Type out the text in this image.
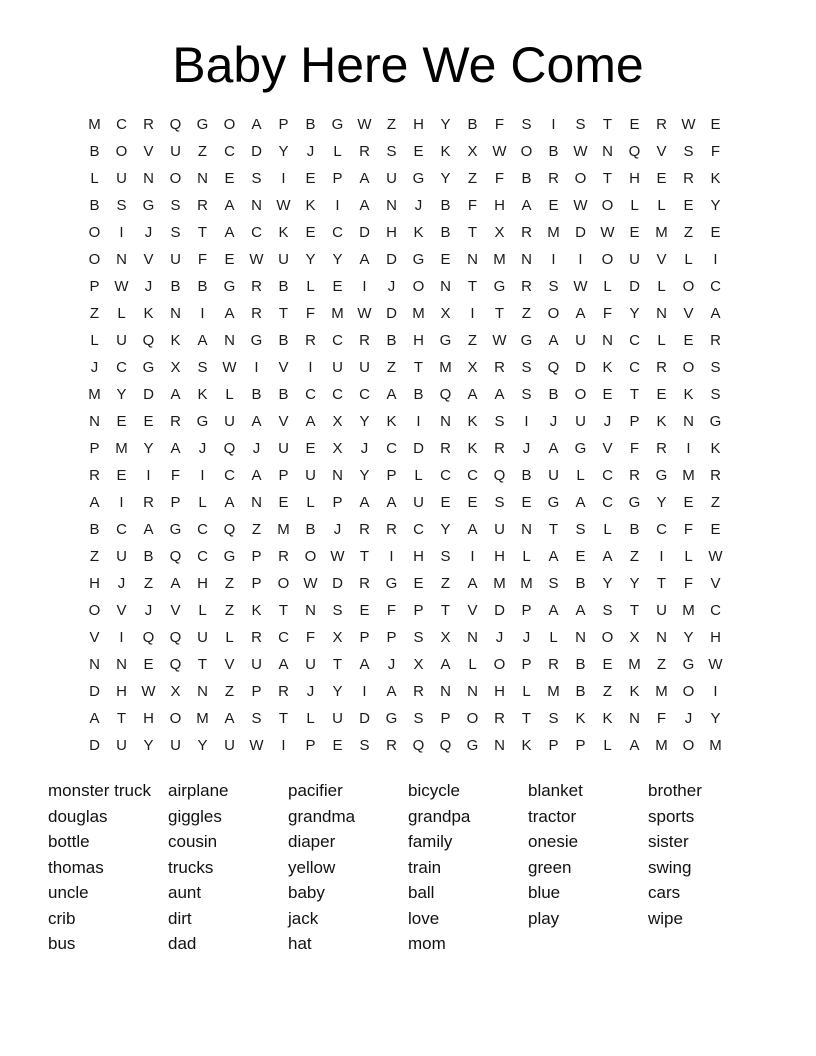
Baby Here We Come
M	C	R	Q	G	O	A	P	B	G W	Z	H	Y	B	F	S	I	S	T	E	R W E
B	O	V	U	Z	C	D	Y	J	L	R	S	E	K	X W O	B W N	Q	V	S	F
L	U	N	O	N	E	S	I	E	P	A	U	G	Y	Z	F	B	R	O	T	H	E	R	K
B	S	G	S	R	A	N W K	I	A	N	J	B	F	H	A	E W O	L	L	E	Y
O	I	J	S	T	A	C	K	E	C	D	H	K	B	T	X	R	M	D W E	M	Z	E
O	N	V	U	F	E W U	Y	Y	A	D	G	E	N	M	N	I	I	O	U	V	L	I
P W	J	B	B	G	R	B	L	E	I	J	O	N	T	G	R	S W	L	D	L	O	C
Z	L	K	N	I	A	R	T	F	M W D	M	X	I	T	Z	O	A	F	Y	N	V	A
L	U	Q	K	A	N	G	B	R	C	R	B	H	G	Z	W G	A	U	N	C	L	E	R
J	C	G	X	S W	I	V	I	U	U	Z	T	M	X	R	S	Q	D	K	C	R	O	S
M	Y	D	A	K	L	B	B	C	C	C	A	B	Q	A	A	S	B	O	E	T	E	K	S
N	E	E	R	G	U	A	V	A	X	Y	K	I	N	K	S	I	J	U	J	P	K	N	G
P	M	Y	A	J	Q	J	U	E	X	J	C	D	R	K	R	J	A	G	V	F	R	I	K
R	E	I	F	I	C	A	P	U	N	Y	P	L	C	C	Q	B	U	L	C	R	G M	R
A	I	R	P	L	A	N	E	L	P	A	A	U	E	E	S	E	G	A	C	G	Y	E	Z
B	C	A	G	C	Q	Z	M	B	J	R	R	C	Y	A	U	N	T	S	L	B	C	F	E
Z	U	B	Q	C	G	P	R	O W	T	I	H	S	I	H	L	A	E	A	Z	I	L	W
H	J	Z	A	H	Z	P	O W D	R	G	E	Z	A	M M	S	B	Y	Y	T	F	V
O	V	J	V	L	Z	K	T	N	S	E	F	P	T	V	D	P	A	A	S	T	U	M	C
V	I	Q	Q	U	L	R	C	F	X	P	P	S	X	N	J	J	L	N	O	X	N	Y	H
N	N	E	Q	T	V	U	A	U	T	A	J	X	A	L	O	P	R	B	E	M	Z	G W
D	H W X	N	Z	P	R	J	Y	I	A	R	N	N	H	L	M	B	Z	K	M O	I
A	T	H	O M	A	S	T	L	U	D	G	S	P	O	R	T	S	K	K	N	F	J	Y
D	U	Y	U	Y	U W	I	P	E	S	R	Q	Q	G	N	K	P	P	L	A	M O M
monster truck	airplane	pacifier	bicycle	blanket	brother
douglas	giggles	grandma	grandpa	tractor	sports
bottle	cousin	diaper	family	onesie	sister
thomas	trucks	yellow	train	green	swing
uncle	aunt	baby	ball	blue	cars
crib	dirt	jack	love	play	wipe
bus	dad	hat	mom
